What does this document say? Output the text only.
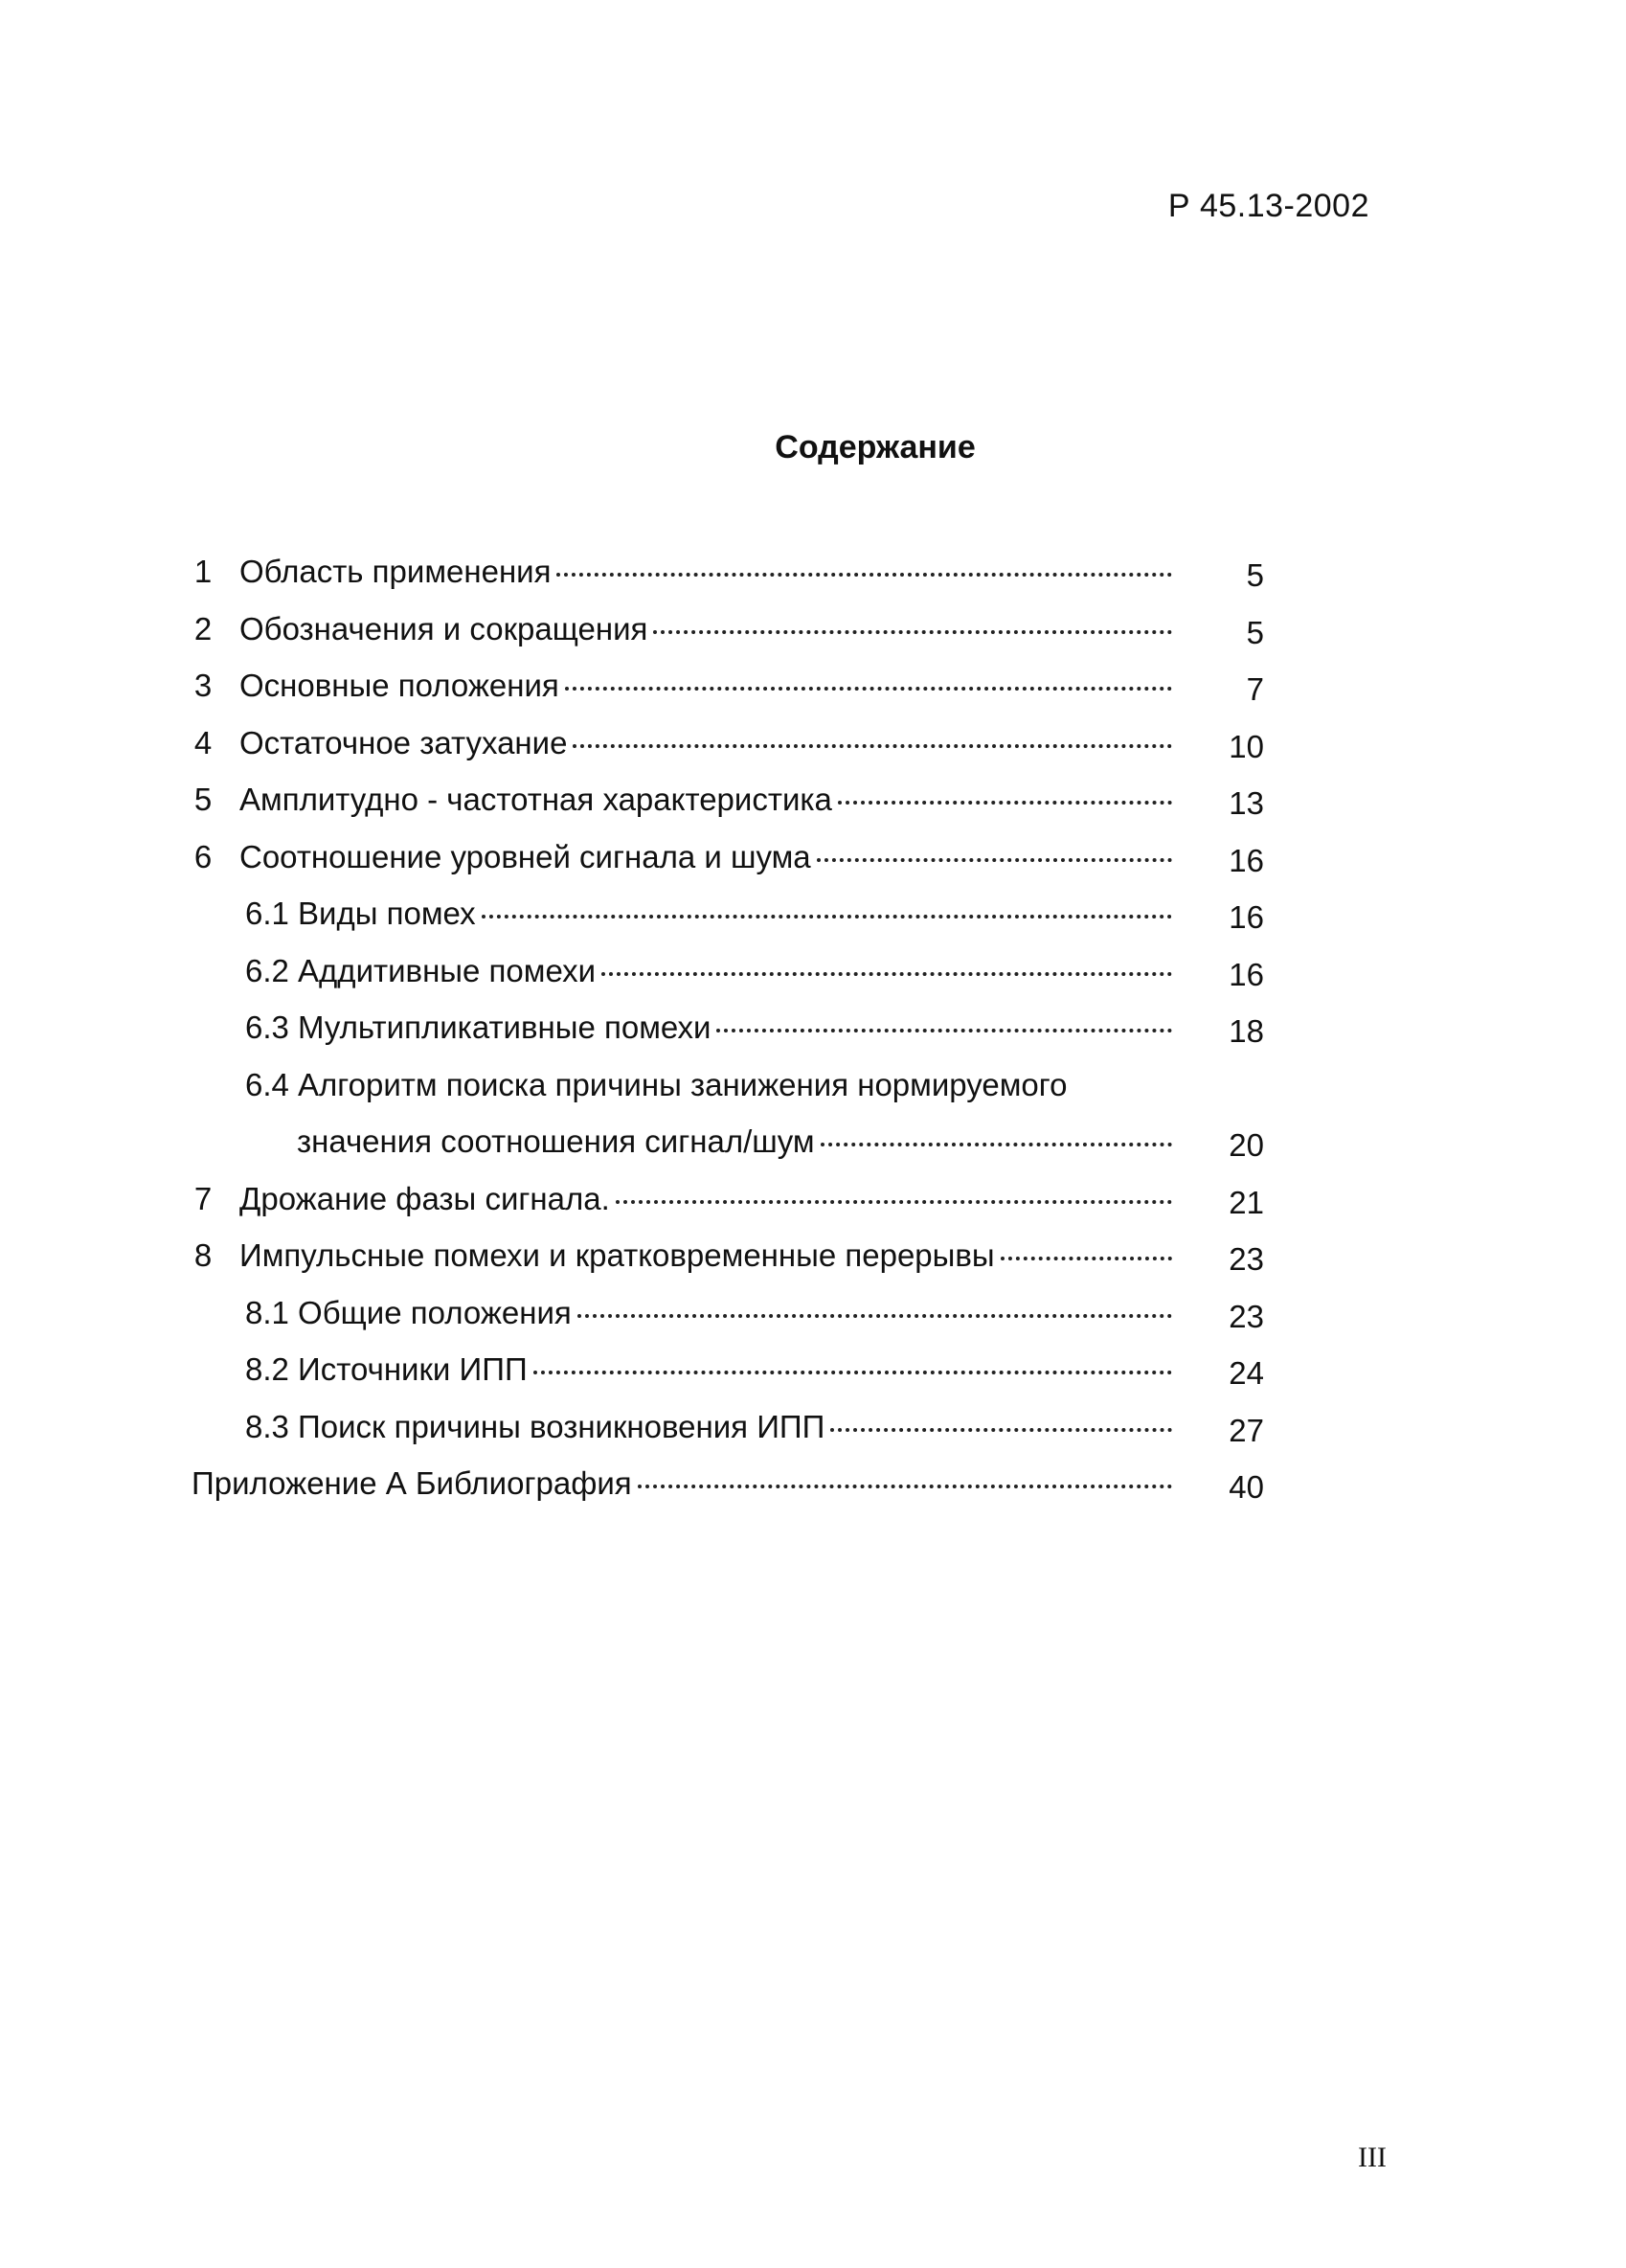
Р 45.13-2002
Содержание
1 Область применения	5
2 Обозначения и сокращения	5
3 Основные положения	7
4 Остаточное затухание	10
5 Амплитудно - частотная характеристика	13
6 Соотношение уровней сигнала и шума	16
6.1 Виды помех	16
6.2 Аддитивные помехи	16
6.3 Мультипликативные помехи	18
6.4 Алгоритм поиска причины занижения нормируемого
значения соотношения сигнал/шум	20
7 Дрожание фазы сигнала.	21
8 Импульсные помехи и кратковременные перерывы	23
8.1 Общие положения	23
8.2 Источники ИПП	24
8.3 Поиск причины возникновения ИПП	27
Приложение А Библиография	40
III
